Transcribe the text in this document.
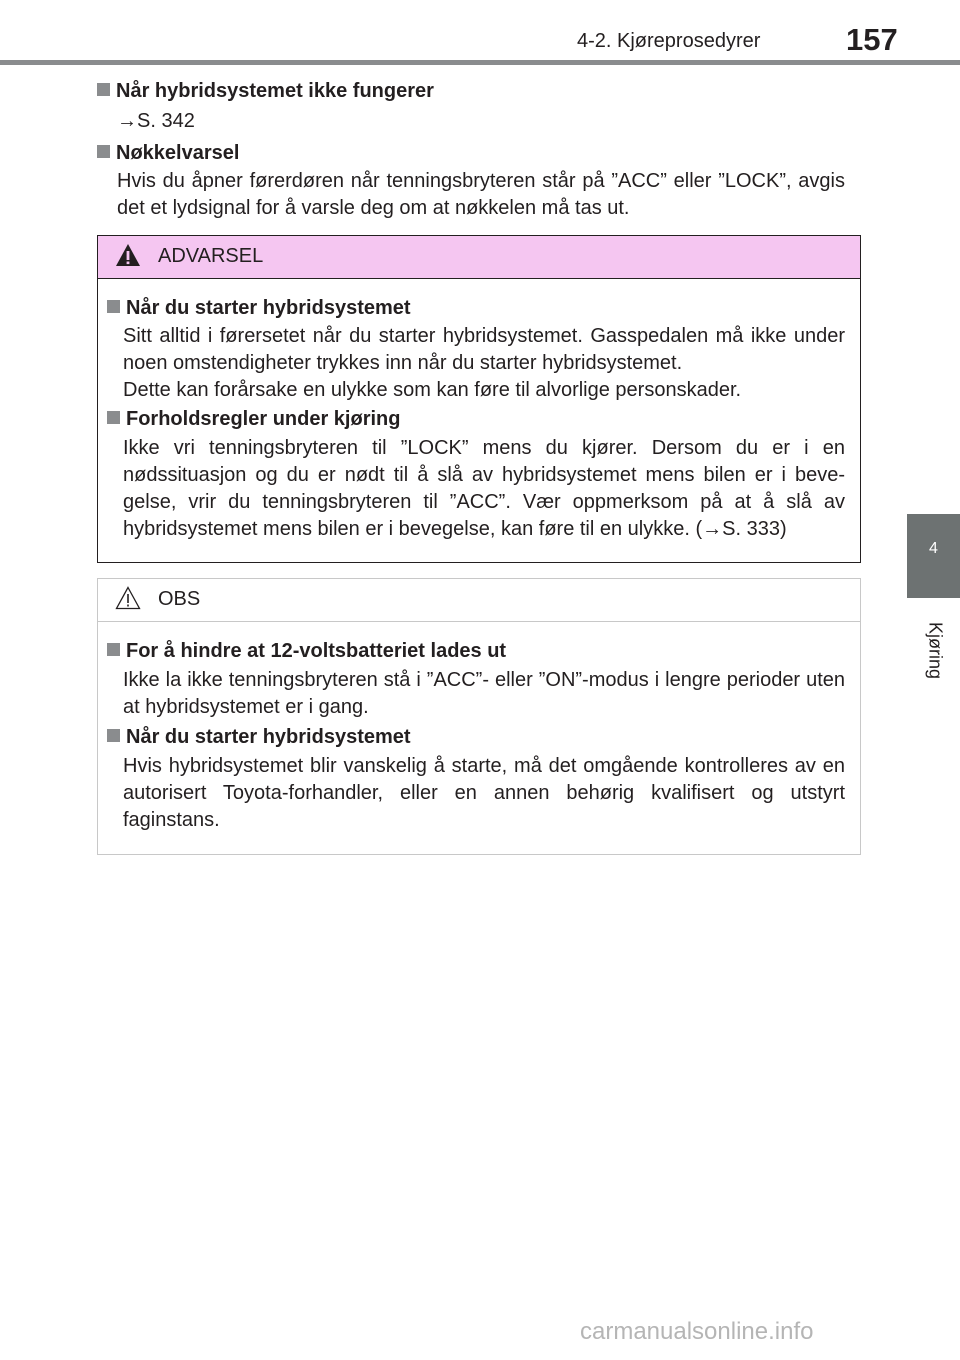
4-2. Kjøreprosedyrer	157
4
Kjøring
Når hybridsystemet ikke fungerer

→S. 342

Nøkkelvarsel

Hvis du åpner førerdøren når tenningsbryteren står på ”ACC” eller ”LOCK”, avgis det et lydsignal for å varsle deg om at nøkkelen må tas ut.

ADVARSEL
Når du starter hybridsystemet

Sitt alltid i førersetet når du starter hybridsystemet. Gasspedalen må ikke under noen omstendigheter trykkes inn når du starter hybridsystemet.

Dette kan forårsake en ulykke som kan føre til alvorlige personskader.

Forholdsregler under kjøring

Ikke vri tenningsbryteren til ”LOCK” mens du kjører. Dersom du er i en nødssituasjon og du er nødt til å slå av hybridsystemet mens bilen er i beve-gelse, vrir du tenningsbryteren til ”ACC”. Vær oppmerksom på at å slå av hybridsystemet mens bilen er i bevegelse, kan føre til en ulykke. (→S. 333)

OBS
For å hindre at 12-voltsbatteriet lades ut

Ikke la ikke tenningsbryteren stå i ”ACC”- eller ”ON”-modus i lengre perioder uten at hybridsystemet er i gang.

Når du starter hybridsystemet

Hvis hybridsystemet blir vanskelig å starte, må det omgående kontrolleres av en autorisert Toyota-forhandler, eller en annen behørig kvalifisert og utstyrt faginstans.

carmanualsonline.info
